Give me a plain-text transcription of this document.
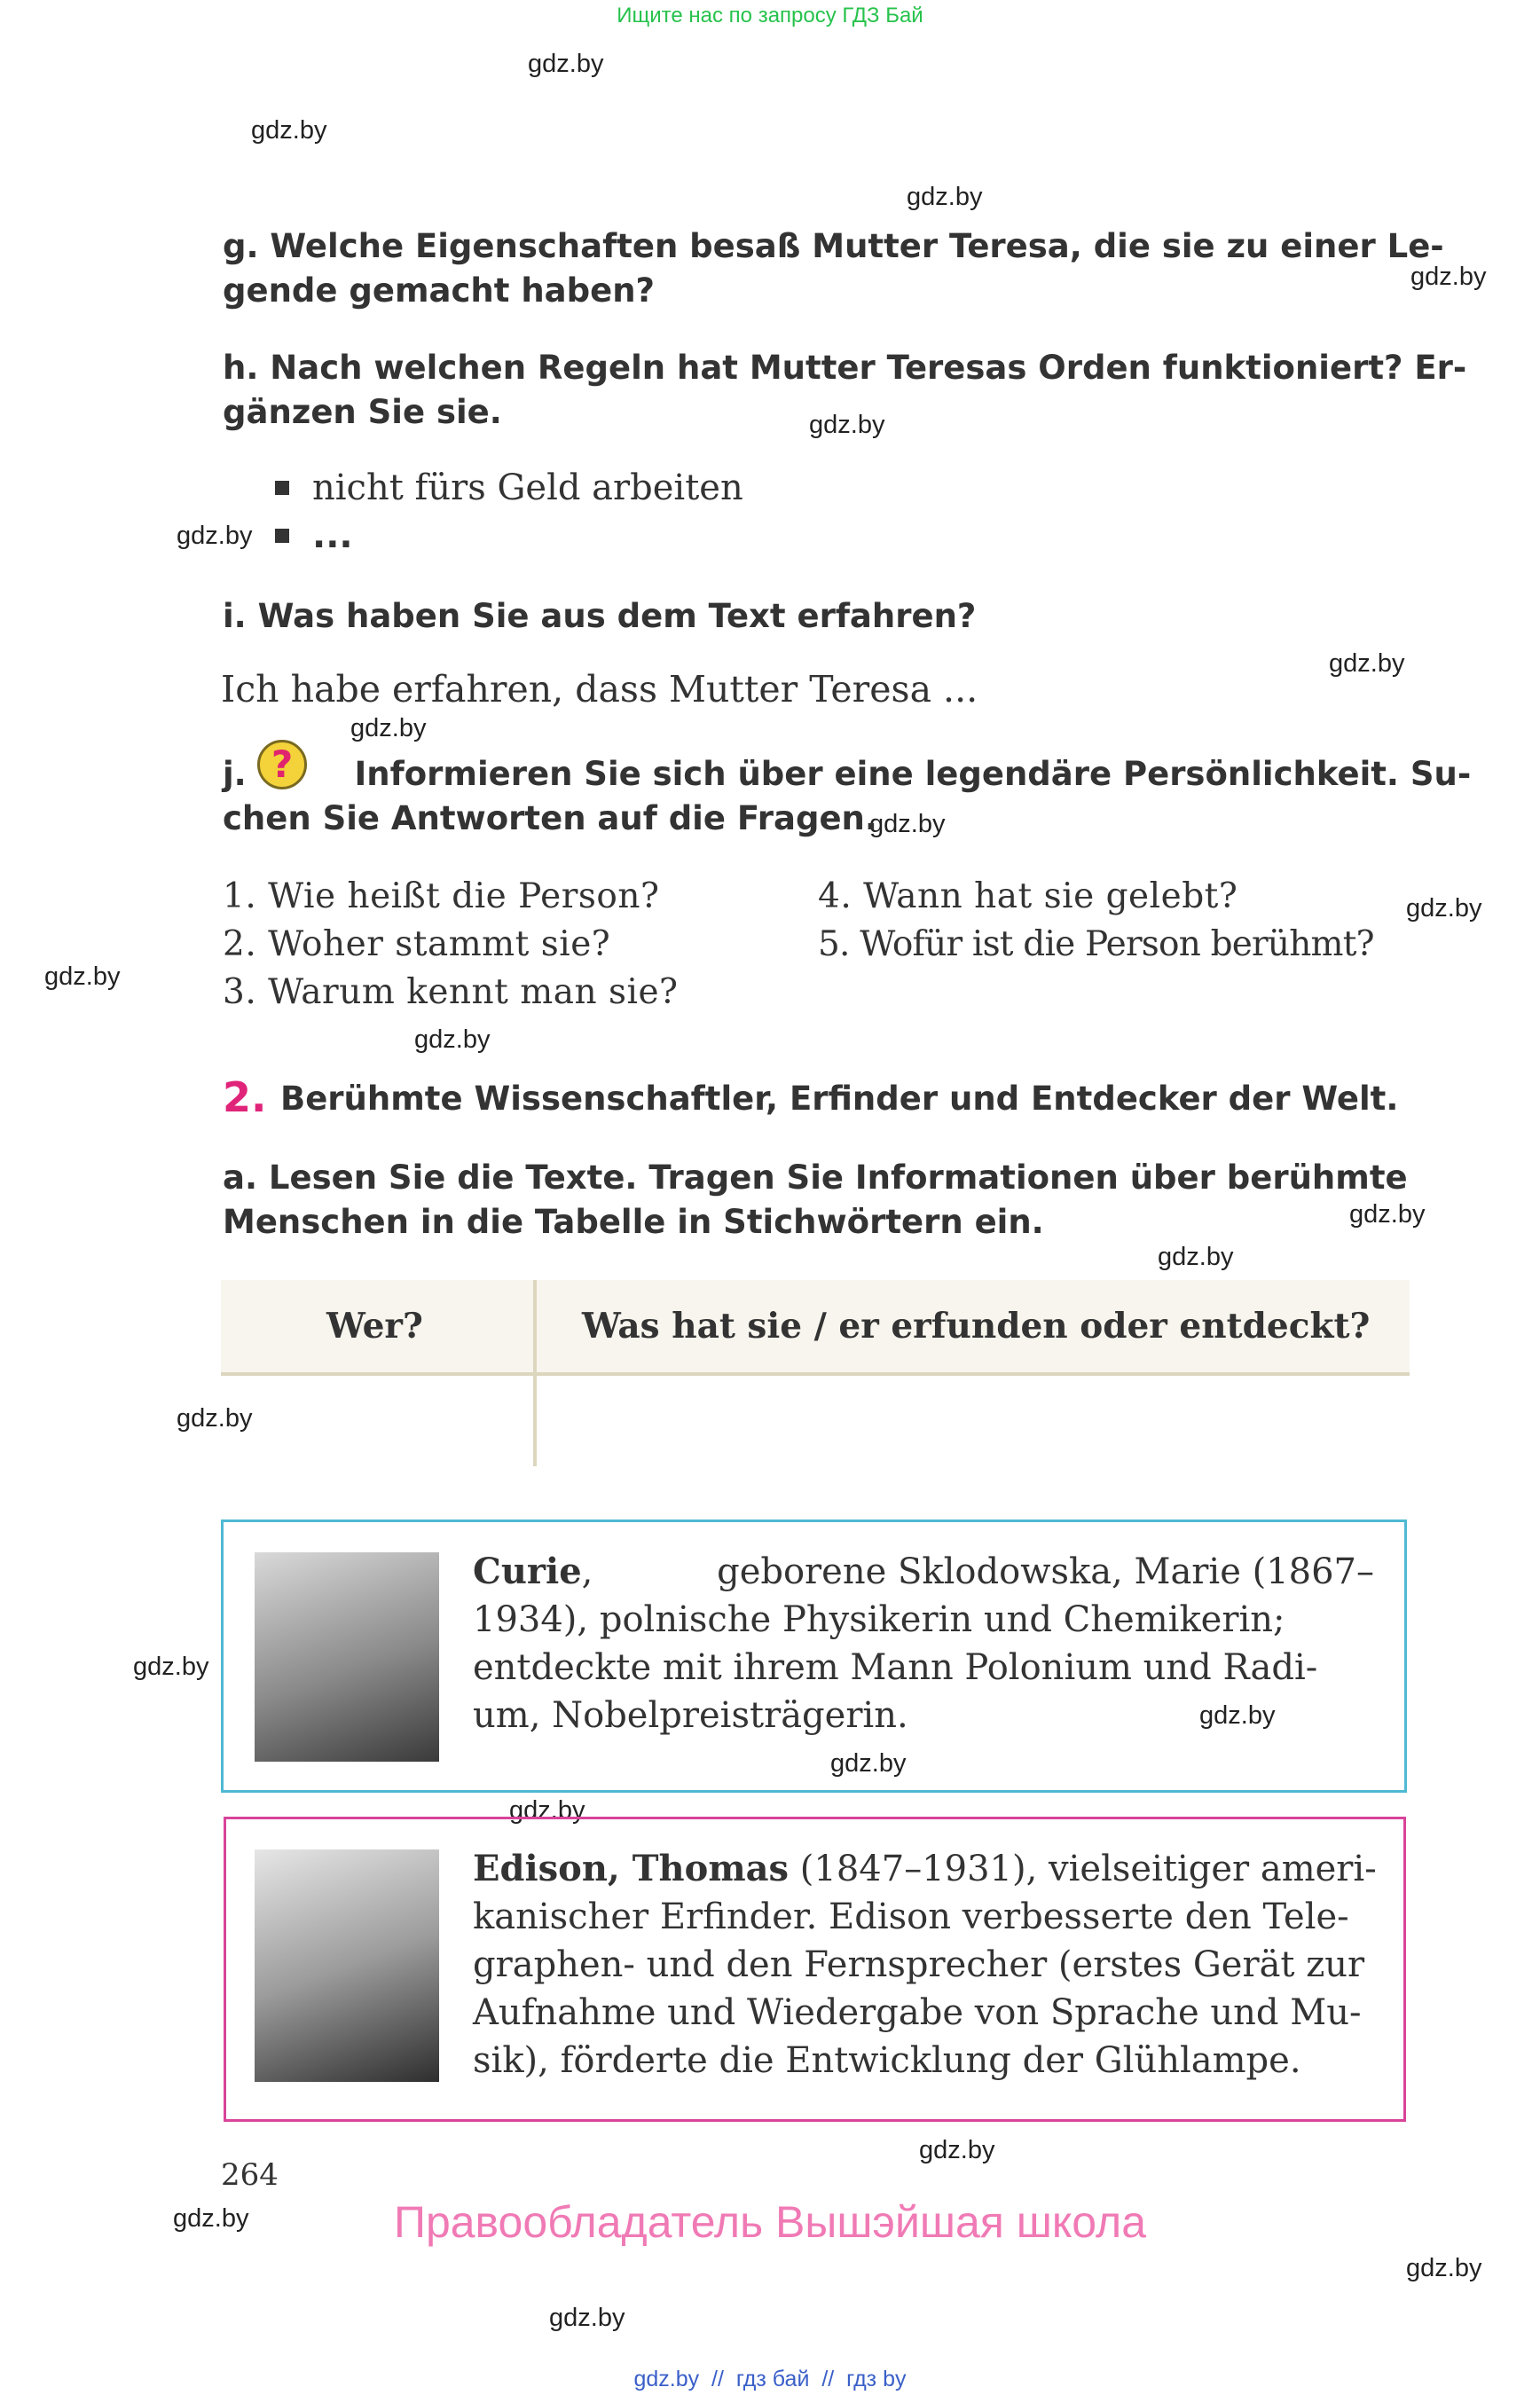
Ищите нас по запросу ГДЗ Бай
gdz.by
gdz.by
gdz.by
gdz.by
gdz.by
gdz.by
gdz.by
gdz.by
gdz.by
gdz.by
gdz.by
gdz.by
gdz.by
gdz.by
gdz.by
gdz.by
gdz.by
gdz.by
gdz.by
gdz.by
gdz.by
gdz.by
gdz.by
g. Welche Eigenschaften besaß Mutter Teresa, die sie zu einer Le-
gende gemacht haben?
h. Nach welchen Regeln hat Mutter Teresas Orden funktioniert? Er-
gänzen Sie sie.
nicht fürs Geld arbeiten
...
i. Was haben Sie aus dem Text erfahren?
Ich habe erfahren, dass Mutter Teresa ...
j.	Informieren Sie sich über eine legendäre Persönlichkeit. Su-
chen Sie Antworten auf die Fragen.
?
1. Wie heißt die Person?
2. Woher stammt sie?
3. Warum kennt man sie?
4. Wann hat sie gelebt?
5. Wofür ist die Person berühmt?
2. Berühmte Wissenschaftler, Erfinder und Entdecker der Welt.
a. Lesen Sie die Texte. Tragen Sie Informationen über berühmte
Menschen in die Tabelle in Stichwörtern ein.
Wer?	Was hat sie / er erfunden oder entdeckt?
Curie,	geborene Sklodowska, Marie (1867–
1934), polnische Physikerin und Chemikerin;
entdeckte mit ihrem Mann Polonium und Radi-
um, Nobelpreisträgerin.
Edison, Thomas (1847–1931), vielseitiger ameri-
kanischer Erfinder. Edison verbesserte den Tele-
graphen- und den Fernsprecher (erstes Gerät zur
Aufnahme und Wiedergabe von Sprache und Mu-
sik), förderte die Entwicklung der Glühlampe.
264
Правообладатель Вышэйшая школа
gdz.by  //  гдз бай  //  гдз by
